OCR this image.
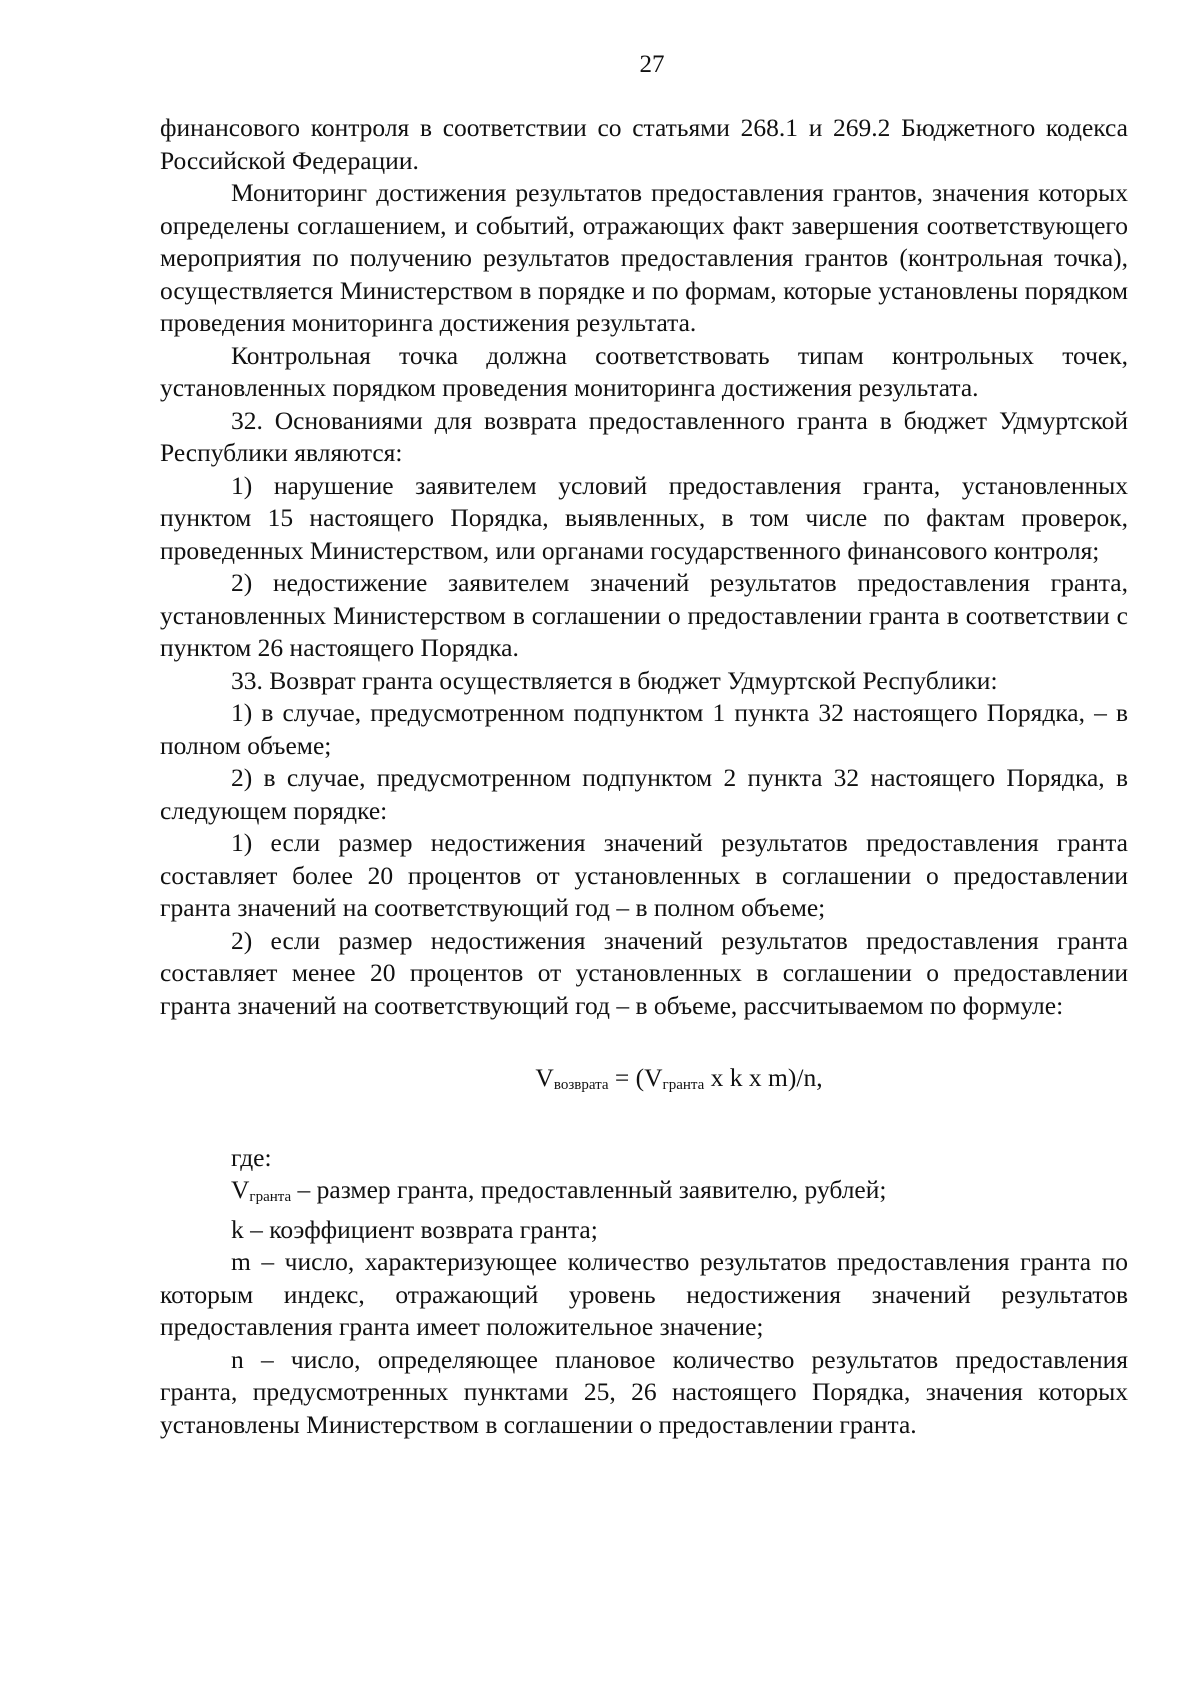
27

финансового контроля в соответствии со статьями 268.1 и 269.2 Бюджетного кодекса Российской Федерации.

Мониторинг достижения результатов предоставления грантов, значения которых определены соглашением, и событий, отражающих факт завершения соответствующего мероприятия по получению результатов предоставления грантов (контрольная точка), осуществляется Министерством в порядке и по формам, которые установлены порядком проведения мониторинга достижения результата.

Контрольная точка должна соответствовать типам контрольных точек, установленных порядком проведения мониторинга достижения результата.

32. Основаниями для возврата предоставленного гранта в бюджет Удмуртской Республики являются:

1) нарушение заявителем условий предоставления гранта, установленных пунктом 15 настоящего Порядка, выявленных, в том числе по фактам проверок, проведенных Министерством, или органами государственного финансового контроля;

2) недостижение заявителем значений результатов предоставления гранта, установленных Министерством в соглашении о предоставлении гранта в соответствии с пунктом 26 настоящего Порядка.

33. Возврат гранта осуществляется в бюджет Удмуртской Республики:

1) в случае, предусмотренном подпунктом 1 пункта 32 настоящего Порядка, – в полном объеме;

2) в случае, предусмотренном подпунктом 2 пункта 32 настоящего Порядка, в следующем порядке:

1) если размер недостижения значений результатов предоставления гранта составляет более 20 процентов от установленных в соглашении о предоставлении гранта значений на соответствующий год – в полном объеме;

2) если размер недостижения значений результатов предоставления гранта составляет менее 20 процентов от установленных в соглашении о предоставлении гранта значений на соответствующий год – в объеме, рассчитываемом по формуле:

$V_{возврата} = (V_{гранта}$ x k x m)/n,

где:

$V_{гранта}$ – размер гранта, предоставленный заявителю, рублей;

k – коэффициент возврата гранта;

m – число, характеризующее количество результатов предоставления гранта по которым индекс, отражающий уровень недостижения значений результатов предоставления гранта имеет положительное значение;

n – число, определяющее плановое количество результатов предоставления гранта, предусмотренных пунктами 25, 26 настоящего Порядка, значения которых установлены Министерством в соглашении о предоставлении гранта.
